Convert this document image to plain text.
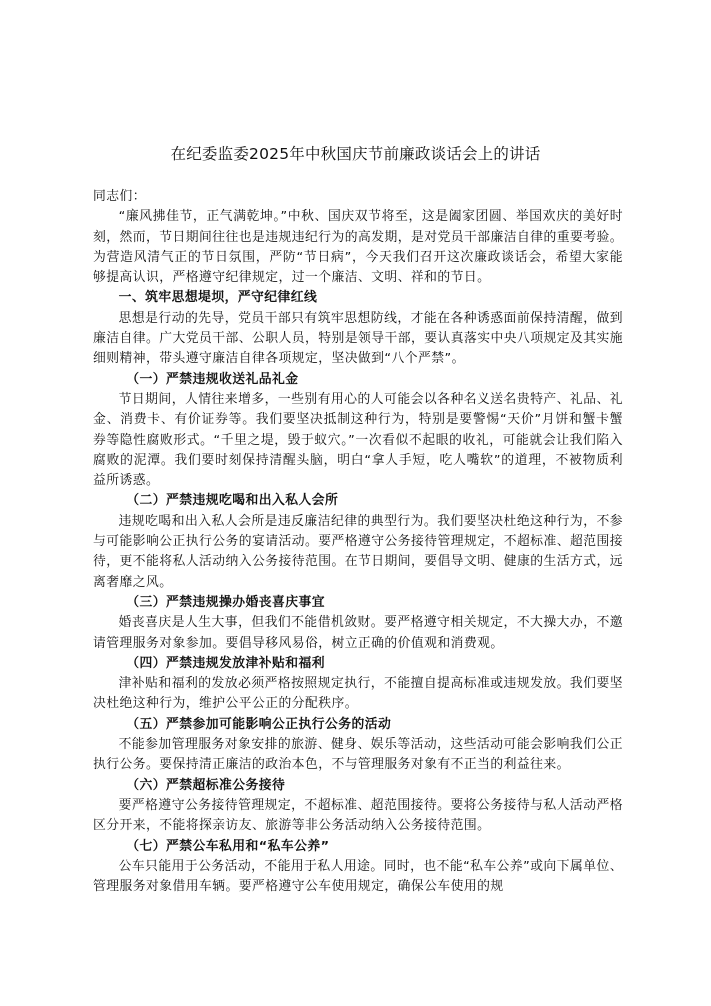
在纪委监委2025年中秋国庆节前廉政谈话会上的讲话

同志们：

“廉风拂佳节，正气满乾坤。”中秋、国庆双节将至，这是阖家团圆、举国欢庆的美好时刻，然而，节日期间往往也是违规违纪行为的高发期，是对党员干部廉洁自律的重要考验。为营造风清气正的节日氛围，严防“节日病”，今天我们召开这次廉政谈话会，希望大家能够提高认识，严格遵守纪律规定，过一个廉洁、文明、祥和的节日。

一、筑牢思想堤坝，严守纪律红线

思想是行动的先导，党员干部只有筑牢思想防线，才能在各种诱惑面前保持清醒，做到廉洁自律。广大党员干部、公职人员，特别是领导干部，要认真落实中央八项规定及其实施细则精神，带头遵守廉洁自律各项规定，坚决做到“八个严禁”。

（一）严禁违规收送礼品礼金

节日期间，人情往来增多，一些别有用心的人可能会以各种名义送名贵特产、礼品、礼金、消费卡、有价证券等。我们要坚决抵制这种行为，特别是要警惕“天价”月饼和蟹卡蟹券等隐性腐败形式。“千里之堤，毁于蚁穴。”一次看似不起眼的收礼，可能就会让我们陷入腐败的泥潭。我们要时刻保持清醒头脑，明白“拿人手短，吃人嘴软”的道理，不被物质利益所诱惑。

（二）严禁违规吃喝和出入私人会所

违规吃喝和出入私人会所是违反廉洁纪律的典型行为。我们要坚决杜绝这种行为，不参与可能影响公正执行公务的宴请活动。要严格遵守公务接待管理规定，不超标准、超范围接待，更不能将私人活动纳入公务接待范围。在节日期间，要倡导文明、健康的生活方式，远离奢靡之风。

（三）严禁违规操办婚丧喜庆事宜

婚丧喜庆是人生大事，但我们不能借机敛财。要严格遵守相关规定，不大操大办，不邀请管理服务对象参加。要倡导移风易俗，树立正确的价值观和消费观。

（四）严禁违规发放津补贴和福利

津补贴和福利的发放必须严格按照规定执行，不能擅自提高标准或违规发放。我们要坚决杜绝这种行为，维护公平公正的分配秩序。

（五）严禁参加可能影响公正执行公务的活动

不能参加管理服务对象安排的旅游、健身、娱乐等活动，这些活动可能会影响我们公正执行公务。要保持清正廉洁的政治本色，不与管理服务对象有不正当的利益往来。

（六）严禁超标准公务接待

要严格遵守公务接待管理规定，不超标准、超范围接待。要将公务接待与私人活动严格区分开来，不能将探亲访友、旅游等非公务活动纳入公务接待范围。

（七）严禁公车私用和“私车公养”

公车只能用于公务活动，不能用于私人用途。同时，也不能“私车公养”或向下属单位、管理服务对象借用车辆。要严格遵守公车使用规定，确保公车使用的规
